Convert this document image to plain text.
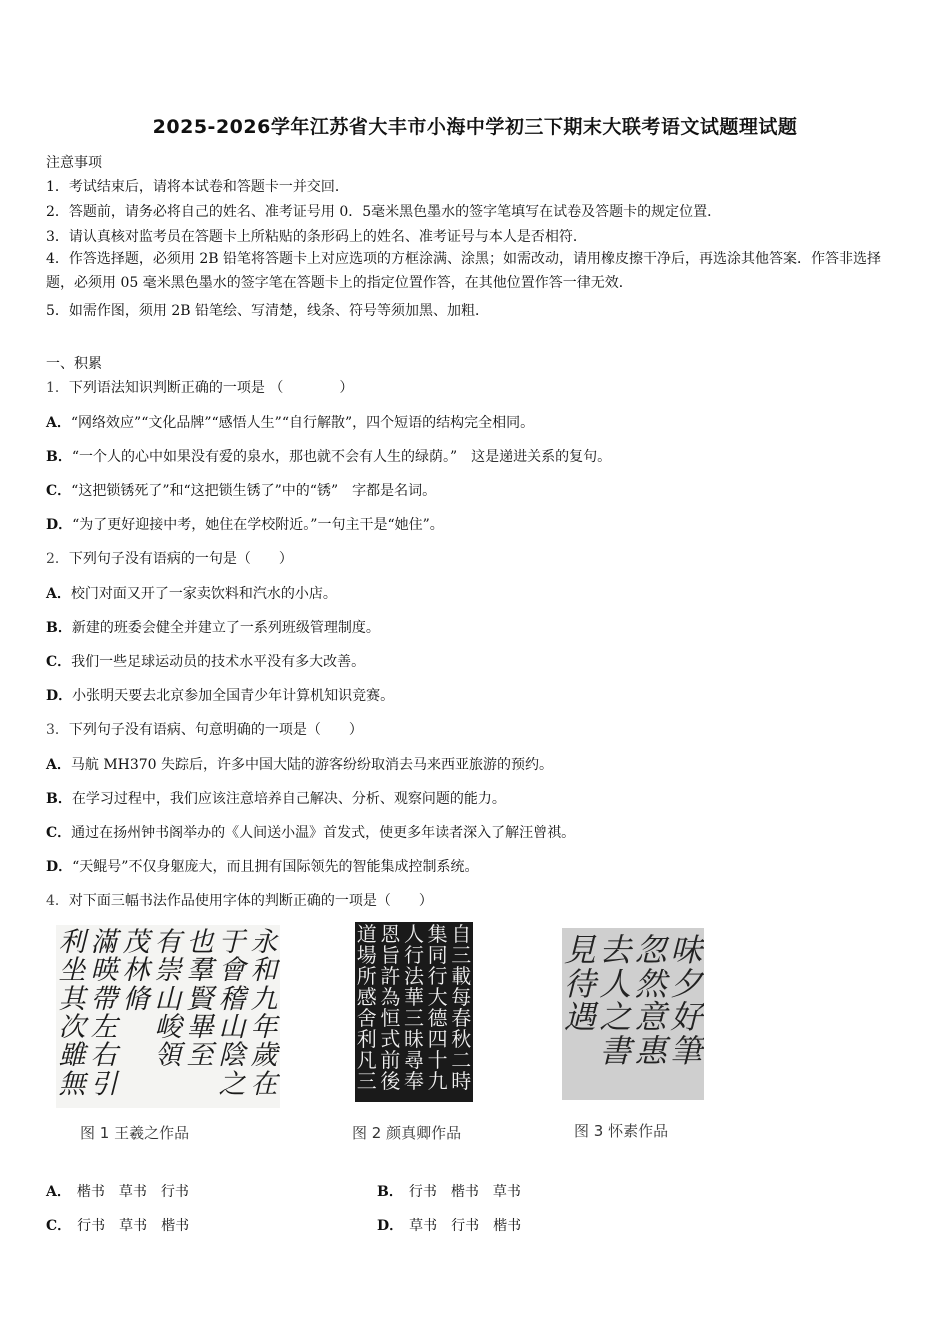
2025-2026学年江苏省大丰市小海中学初三下期末大联考语文试题理试题
注意事项
1．考试结束后，请将本试卷和答题卡一并交回．
2．答题前，请务必将自己的姓名、准考证号用 0．5毫米黑色墨水的签字笔填写在试卷及答题卡的规定位置．
3．请认真核对监考员在答题卡上所粘贴的条形码上的姓名、准考证号与本人是否相符．
4．作答选择题，必须用 2B 铅笔将答题卡上对应选项的方框涂满、涂黑；如需改动，请用橡皮擦干净后，再选涂其他答案．作答非选择题，必须用 05 毫米黑色墨水的签字笔在答题卡上的指定位置作答，在其他位置作答一律无效．
5．如需作图，须用 2B 铅笔绘、写清楚，线条、符号等须加黑、加粗．
一、积累
1．下列语法知识判断正确的一项是 （　　　　）
A．“网络效应”“文化品牌”“感悟人生”“自行解散”，四个短语的结构完全相同。
B．“一个人的心中如果没有爱的泉水，那也就不会有人生的绿荫。”　这是递进关系的复句。
C．“这把锁锈死了”和“这把锁生锈了”中的“锈”　字都是名词。
D．“为了更好迎接中考，她住在学校附近。”一句主干是“她住”。
2．下列句子没有语病的一句是（　　）
A．校门对面又开了一家卖饮料和汽水的小店。
B．新建的班委会健全并建立了一系列班级管理制度。
C．我们一些足球运动员的技术水平没有多大改善。
D．小张明天要去北京参加全国青少年计算机知识竞赛。
3．下列句子没有语病、句意明确的一项是（　　）
A．马航 MH370 失踪后，许多中国大陆的游客纷纷取消去马来西亚旅游的预约。
B．在学习过程中，我们应该注意培养自己解决、分析、观察问题的能力。
C．通过在扬州钟书阁举办的《人间送小温》首发式，使更多年读者深入了解汪曾祺。
D．“天鲲号”不仅身躯庞大，而且拥有国际领先的智能集成控制系统。
4．对下面三幅书法作品使用字体的判断正确的一项是（　　）
永
和
九
年
歲
在
于
會
稽
山
陰
之
也
羣
賢
畢
至
有
崇
山
峻
領
茂
林
脩
滿
暎
帶
左
右
引
利
坐
其
次
雖
無
图 1 王羲之作品
自
三
載
每
春
秋
二
時
集
同
行
大
德
四
十
九
人
行
法
華
三
昧
尋
奉
恩
旨
許
為
恒
式
前
後
道
場
所
感
舍
利
凡
三
图 2 颜真卿作品
味
夕
好
筆
忽
然
意
惠
去
人
之
書
見
待
遇
图 3 怀素作品
A． 楷书　草书　行书	B． 行书　楷书　草书
C． 行书　草书　楷书	D． 草书　行书　楷书
